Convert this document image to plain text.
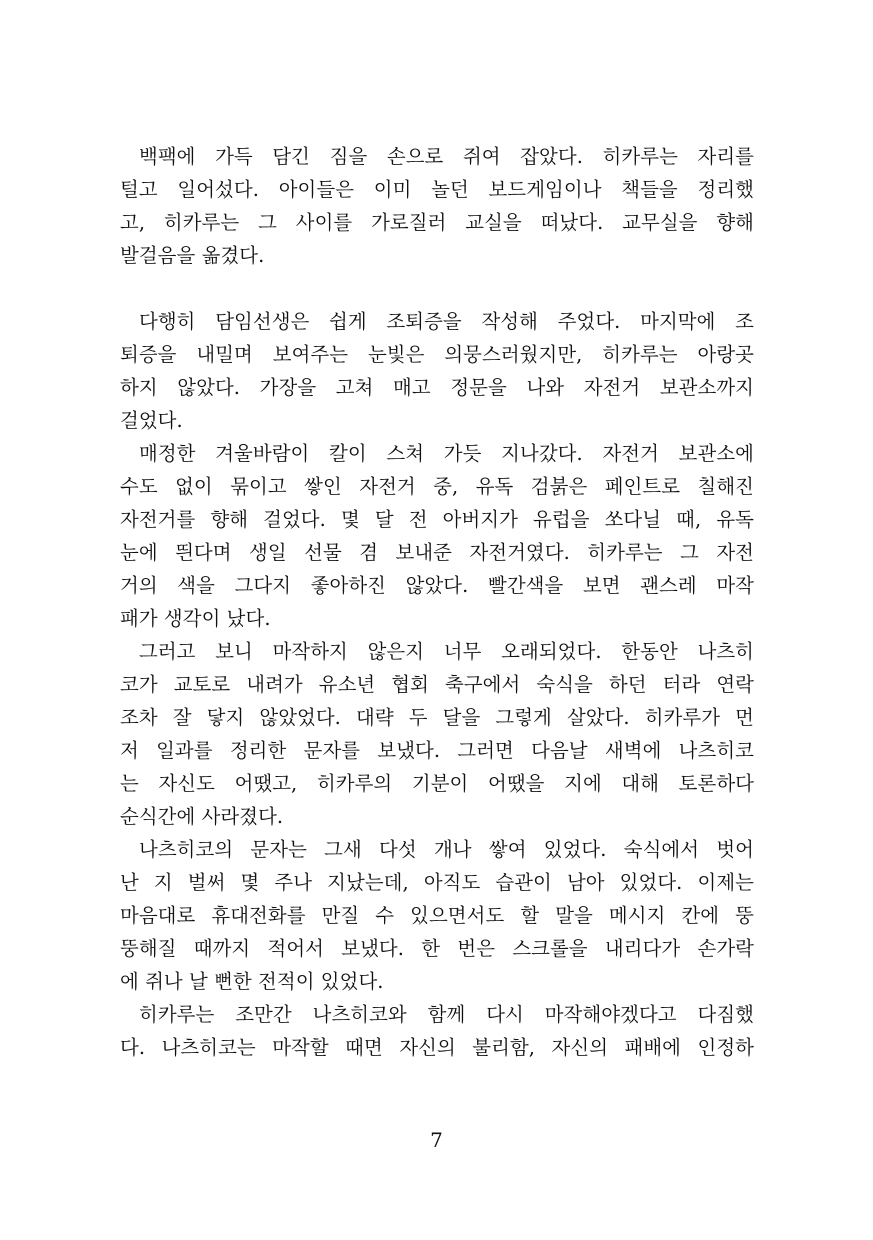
백팩에 가득 담긴 짐을 손으로 쥐여 잡았다. 히카루는 자리를
털고 일어섰다. 아이들은 이미 놀던 보드게임이나 책들을 정리했
고, 히카루는 그 사이를 가로질러 교실을 떠났다. 교무실을 향해
발걸음을 옮겼다.
다행히 담임선생은 쉽게 조퇴증을 작성해 주었다. 마지막에 조
퇴증을 내밀며 보여주는 눈빛은 의뭉스러웠지만, 히카루는 아랑곳
하지 않았다. 가장을 고쳐 매고 정문을 나와 자전거 보관소까지
걸었다.
매정한 겨울바람이 칼이 스쳐 가듯 지나갔다. 자전거 보관소에
수도 없이 묶이고 쌓인 자전거 중, 유독 검붉은 페인트로 칠해진
자전거를 향해 걸었다. 몇 달 전 아버지가 유럽을 쏘다닐 때, 유독
눈에 띈다며 생일 선물 겸 보내준 자전거였다. 히카루는 그 자전
거의 색을 그다지 좋아하진 않았다. 빨간색을 보면 괜스레 마작
패가 생각이 났다.
그러고 보니 마작하지 않은지 너무 오래되었다. 한동안 나츠히
코가 교토로 내려가 유소년 협회 축구에서 숙식을 하던 터라 연락
조차 잘 닿지 않았었다. 대략 두 달을 그렇게 살았다. 히카루가 먼
저 일과를 정리한 문자를 보냈다. 그러면 다음날 새벽에 나츠히코
는 자신도 어땠고, 히카루의 기분이 어땠을 지에 대해 토론하다
순식간에 사라졌다.
나츠히코의 문자는 그새 다섯 개나 쌓여 있었다. 숙식에서 벗어
난 지 벌써 몇 주나 지났는데, 아직도 습관이 남아 있었다. 이제는
마음대로 휴대전화를 만질 수 있으면서도 할 말을 메시지 칸에 뚱
뚱해질 때까지 적어서 보냈다. 한 번은 스크롤을 내리다가 손가락
에 쥐나 날 뻔한 전적이 있었다.
히카루는 조만간 나츠히코와 함께 다시 마작해야겠다고 다짐했
다. 나츠히코는 마작할 때면 자신의 불리함, 자신의 패배에 인정하
7
